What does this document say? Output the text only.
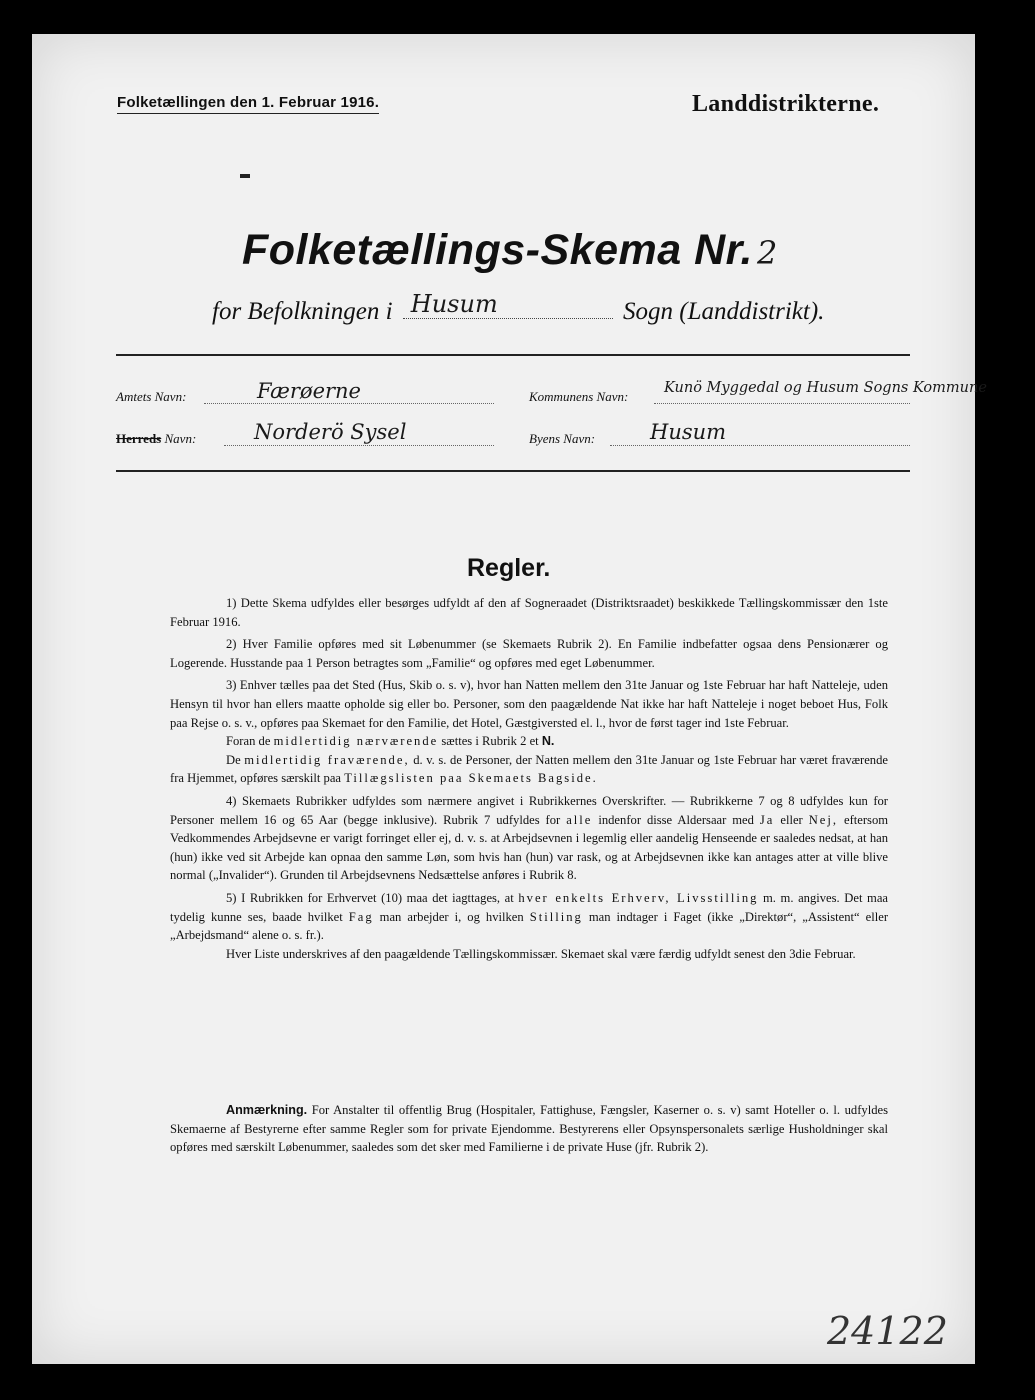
Folketællingen den 1. Februar 1916.	Landdistrikterne.
Folketællings-Skema Nr. 2
for Befolkningen i Husum	Sogn (Landdistrikt).
Amtets Navn:	Færøerne	Kommunens Navn:
Kunö Myggedal og Husum Sogns Kommune
Herreds Navn:	Norderö Sysel	Byens Navn:	Husum
Regler.

1) Dette Skema udfyldes eller besørges udfyldt af den af Sogneraadet (Distriktsraadet) beskikkede Tællingskommissær den 1ste Februar 1916.

2) Hver Familie opføres med sit Løbenummer (se Skemaets Rubrik 2). En Familie indbefatter ogsaa dens Pensionærer og Logerende. Husstande paa 1 Person betragtes som „Familie“ og opføres med eget Løbenummer.

3) Enhver tælles paa det Sted (Hus, Skib o. s. v), hvor han Natten mellem den 31te Januar og 1ste Februar har haft Natteleje, uden Hensyn til hvor han ellers maatte opholde sig eller bo. Personer, som den paagældende Nat ikke har haft Natteleje i noget beboet Hus, Folk paa Rejse o. s. v., opføres paa Skemaet for den Familie, det Hotel, Gæstgiversted el. l., hvor de først tager ind 1ste Februar.

Foran de midlertidig nærværende sættes i Rubrik 2 et N.

De midlertidig fraværende, d. v. s. de Personer, der Natten mellem den 31te Januar og 1ste Februar har været fraværende fra Hjemmet, opføres særskilt paa Tillægslisten paa Skemaets Bagside.

4) Skemaets Rubrikker udfyldes som nærmere angivet i Rubrikkernes Overskrifter. — Rubrikkerne 7 og 8 udfyldes kun for Personer mellem 16 og 65 Aar (begge inklusive). Rubrik 7 udfyldes for alle indenfor disse Aldersaar med Ja eller Nej, eftersom Vedkommendes Arbejdsevne er varigt forringet eller ej, d. v. s. at Arbejdsevnen i legemlig eller aandelig Henseende er saaledes nedsat, at han (hun) ikke ved sit Arbejde kan opnaa den samme Løn, som hvis han (hun) var rask, og at Arbejdsevnen ikke kan antages atter at ville blive normal („Invalider“). Grunden til Arbejdsevnens Nedsættelse anføres i Rubrik 8.

5) I Rubrikken for Erhvervet (10) maa det iagttages, at hver enkelts Erhverv, Livsstilling m. m. angives. Det maa tydelig kunne ses, baade hvilket Fag man arbejder i, og hvilken Stilling man indtager i Faget (ikke „Direktør“, „Assistent“ eller „Arbejdsmand“ alene o. s. fr.).

Hver Liste underskrives af den paagældende Tællingskommissær. Skemaet skal være færdig udfyldt senest den 3die Februar.

Anmærkning. For Anstalter til offentlig Brug (Hospitaler, Fattighuse, Fængsler, Kaserner o. s. v) samt Hoteller o. l. udfyldes Skemaerne af Bestyrerne efter samme Regler som for private Ejendomme. Bestyrerens eller Opsynspersonalets særlige Husholdninger skal opføres med særskilt Løbenummer, saaledes som det sker med Familierne i de private Huse (jfr. Rubrik 2).
24122
